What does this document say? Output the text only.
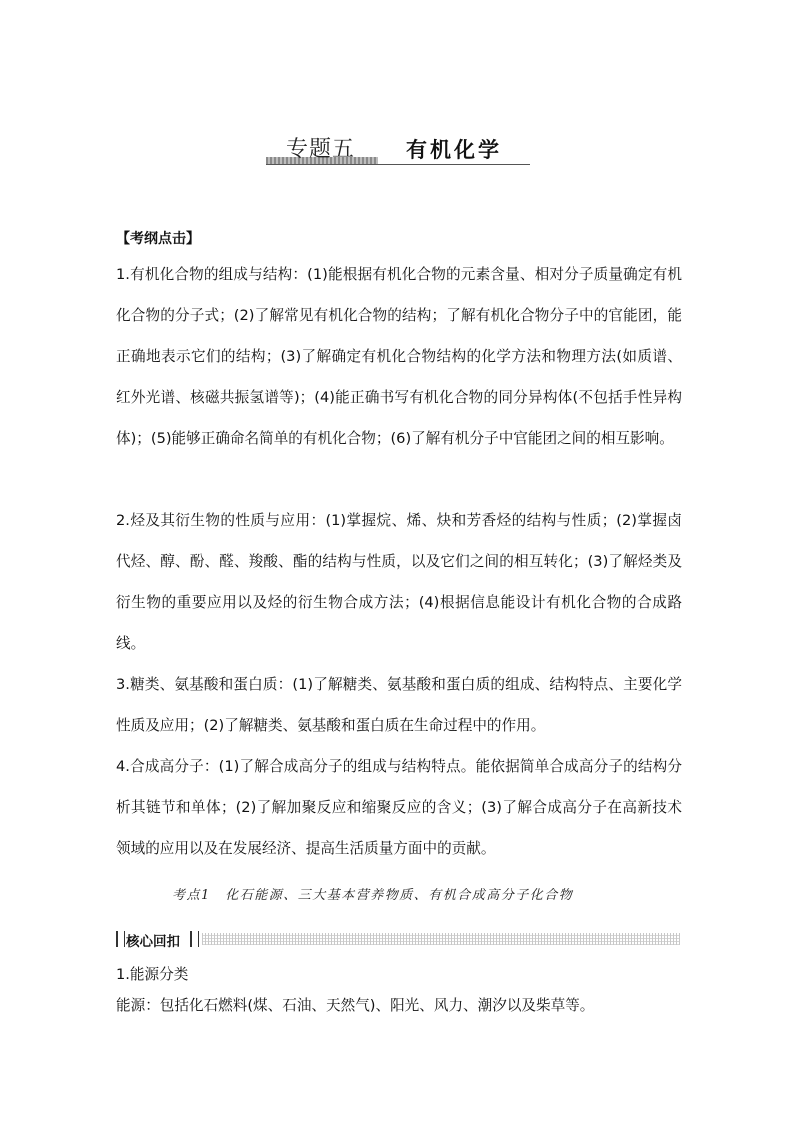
专题五 有机化学
【考纲点击】
1.有机化合物的组成与结构：(1)能根据有机化合物的元素含量、相对分子质量确定有机化合物的分子式；(2)了解常见有机化合物的结构；了解有机化合物分子中的官能团，能正确地表示它们的结构；(3)了解确定有机化合物结构的化学方法和物理方法(如质谱、红外光谱、核磁共振氢谱等)；(4)能正确书写有机化合物的同分异构体(不包括手性异构体)；(5)能够正确命名简单的有机化合物；(6)了解有机分子中官能团之间的相互影响。
2.烃及其衍生物的性质与应用：(1)掌握烷、烯、炔和芳香烃的结构与性质；(2)掌握卤代烃、醇、酚、醛、羧酸、酯的结构与性质，以及它们之间的相互转化；(3)了解烃类及衍生物的重要应用以及烃的衍生物合成方法；(4)根据信息能设计有机化合物的合成路线。
3.糖类、氨基酸和蛋白质：(1)了解糖类、氨基酸和蛋白质的组成、结构特点、主要化学性质及应用；(2)了解糖类、氨基酸和蛋白质在生命过程中的作用。
4.合成高分子：(1)了解合成高分子的组成与结构特点。能依据简单合成高分子的结构分析其链节和单体；(2)了解加聚反应和缩聚反应的含义；(3)了解合成高分子在高新技术领域的应用以及在发展经济、提高生活质量方面中的贡献。
考点1　化石能源、三大基本营养物质、有机合成高分子化合物
核心回扣
1.能源分类
能源：包括化石燃料(煤、石油、天然气)、阳光、风力、潮汐以及柴草等。
